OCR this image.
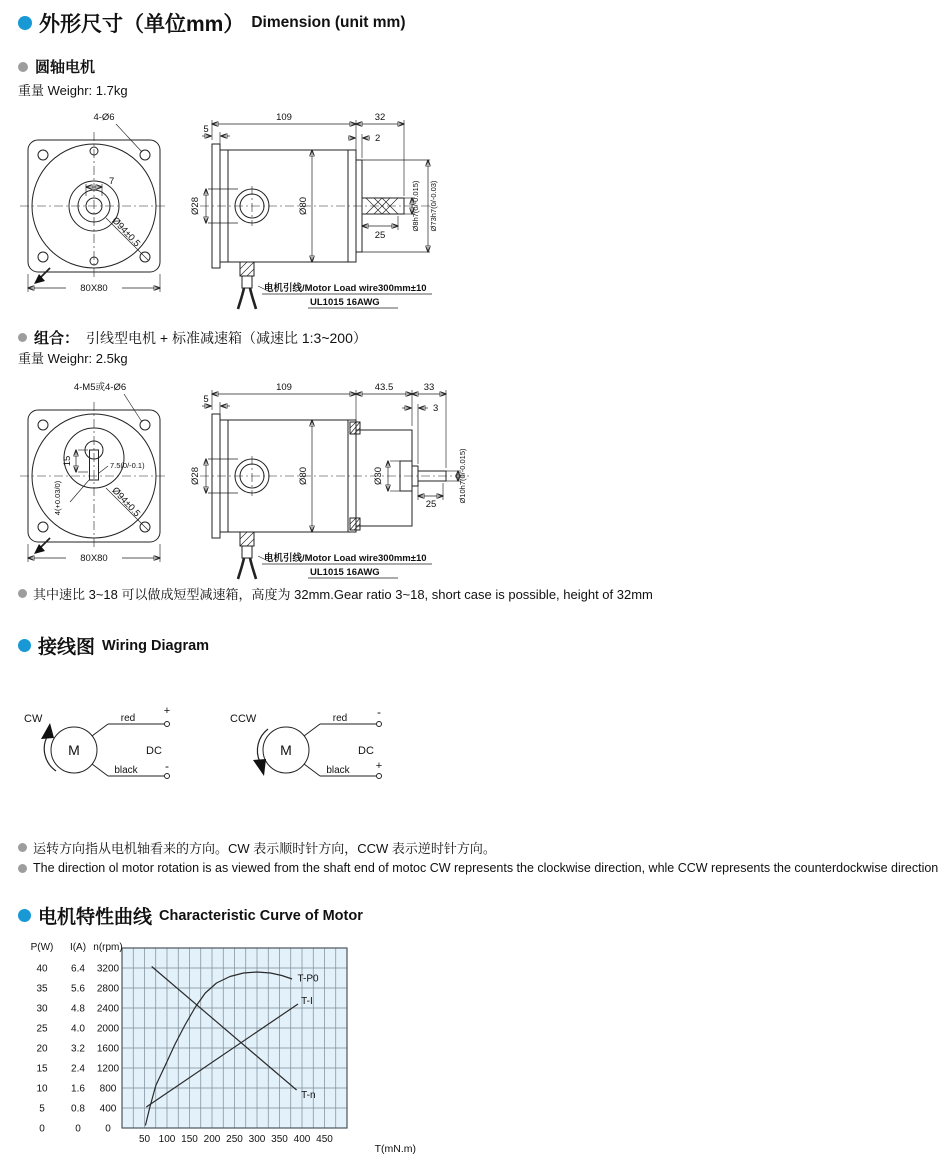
外形尺寸（单位mm） Dimension (unit mm)
圆轴电机
重量 Weighr: 1.7kg
4-Ø6
7
Ø94±0.5
80X80
109	32
5
2
Ø28	Ø80
25
Ø8h7(0/-0.015) Ø73h7(0/-0.03)
电机引线/Motor Load wire300mm±10
UL1015 16AWG
组合： 引线型电机 + 标准减速箱（减速比 1:3~200）
重量 Weighr: 2.5kg
4-M5或4-Ø6
15
4(+0.03/0)
7.5(0/-0.1)
Ø94±0.5
80X80
109	43.5	33
5
3
Ø28	Ø80	Ø30
25
Ø10h7(0/-0.015)
电机引线/Motor Load wire300mm±10
UL1015 16AWG
其中速比 3~18 可以做成短型减速箱，高度为 32mm.Gear ratio 3~18, short case is possible, height of 32mm
接线图 Wiring Diagram
CW
M
red
+
black -
DC
CCW
M
red -
black +
DC
运转方向指从电机轴看来的方向。CW 表示顺时针方向，CCW 表示逆时针方向。
The direction ol motor rotation is as viewed from the shaft end of motoc CW represents the clockwise direction, whle CCW represents the counterdockwise direction
电机特性曲线 Characteristic Curve of Motor
P(W)
40
35
30
25
20
15
10
5
0
I(A)
6.4
5.6
4.8
4.0
3.2
2.4
1.6
0.8
0
n(rpm)
3200
2800
2400
2000
1600
1200
800
400
0
50 100 150 200 250 300 350 400 450
T(mN.m)
T-P0
T-I
T-n
